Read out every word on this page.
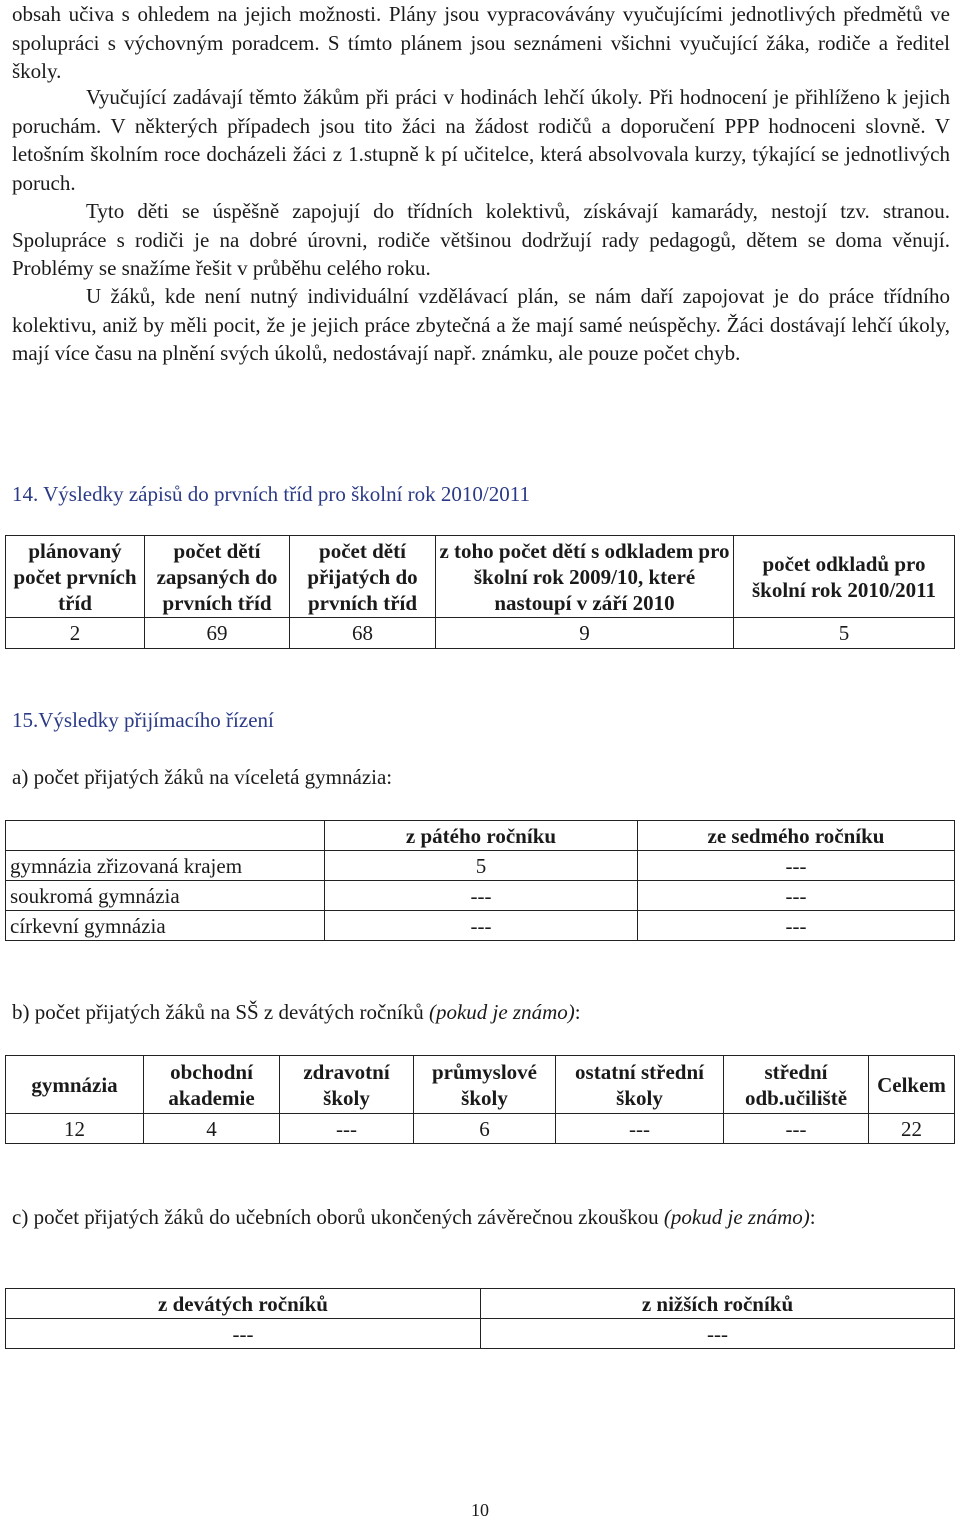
obsah učiva s ohledem na jejich možnosti. Plány jsou vypracovávány vyučujícími jednotlivých předmětů ve spolupráci s výchovným poradcem. S tímto plánem jsou seznámeni všichni vyučující žáka, rodiče a ředitel školy.

Vyučující zadávají těmto žákům při práci v hodinách lehčí úkoly. Při hodnocení je přihlíženo k jejich poruchám. V některých případech jsou tito žáci na žádost rodičů a doporučení PPP hodnoceni slovně. V letošním školním roce docházeli žáci z 1.stupně k pí učitelce, která absolvovala kurzy, týkající se jednotlivých poruch.

Tyto děti se úspěšně zapojují do třídních kolektivů, získávají kamarády, nestojí tzv. stranou. Spolupráce s rodiči je na dobré úrovni, rodiče většinou dodržují rady pedagogů, dětem se doma věnují. Problémy se snažíme řešit v průběhu celého roku.

U žáků, kde není nutný individuální vzdělávací plán, se nám daří zapojovat je do práce třídního kolektivu, aniž by měli pocit, že je jejich práce zbytečná a že mají samé neúspěchy. Žáci dostávají lehčí úkoly, mají více času na plnění svých úkolů, nedostávají např. známku, ale pouze počet chyb.

14. Výsledky zápisů do prvních tříd pro školní rok 2010/2011

plánovaný počet prvních tříd	počet dětí zapsaných do prvních tříd	počet dětí přijatých do prvních tříd	z toho počet dětí s odkladem pro školní rok 2009/10, které nastoupí v září 2010	počet odkladů pro školní rok 2010/2011
2	69	68	9	5

15.Výsledky přijímacího řízení

a) počet přijatých žáků na víceletá gymnázia:

	z pátého ročníku	ze sedmého ročníku
gymnázia zřizovaná krajem	5	---
soukromá gymnázia	---	---
církevní gymnázia	---	---

b) počet přijatých žáků na SŠ z devátých ročníků (pokud je známo):

gymnázia	obchodní akademie	zdravotní školy	průmyslové školy	ostatní střední školy	střední odb.učiliště	Celkem
12	4	---	6	---	---	22

c) počet přijatých žáků do učebních oborů ukončených závěrečnou zkouškou (pokud je známo):

z devátých ročníků	z nižších ročníků
---	---
10
